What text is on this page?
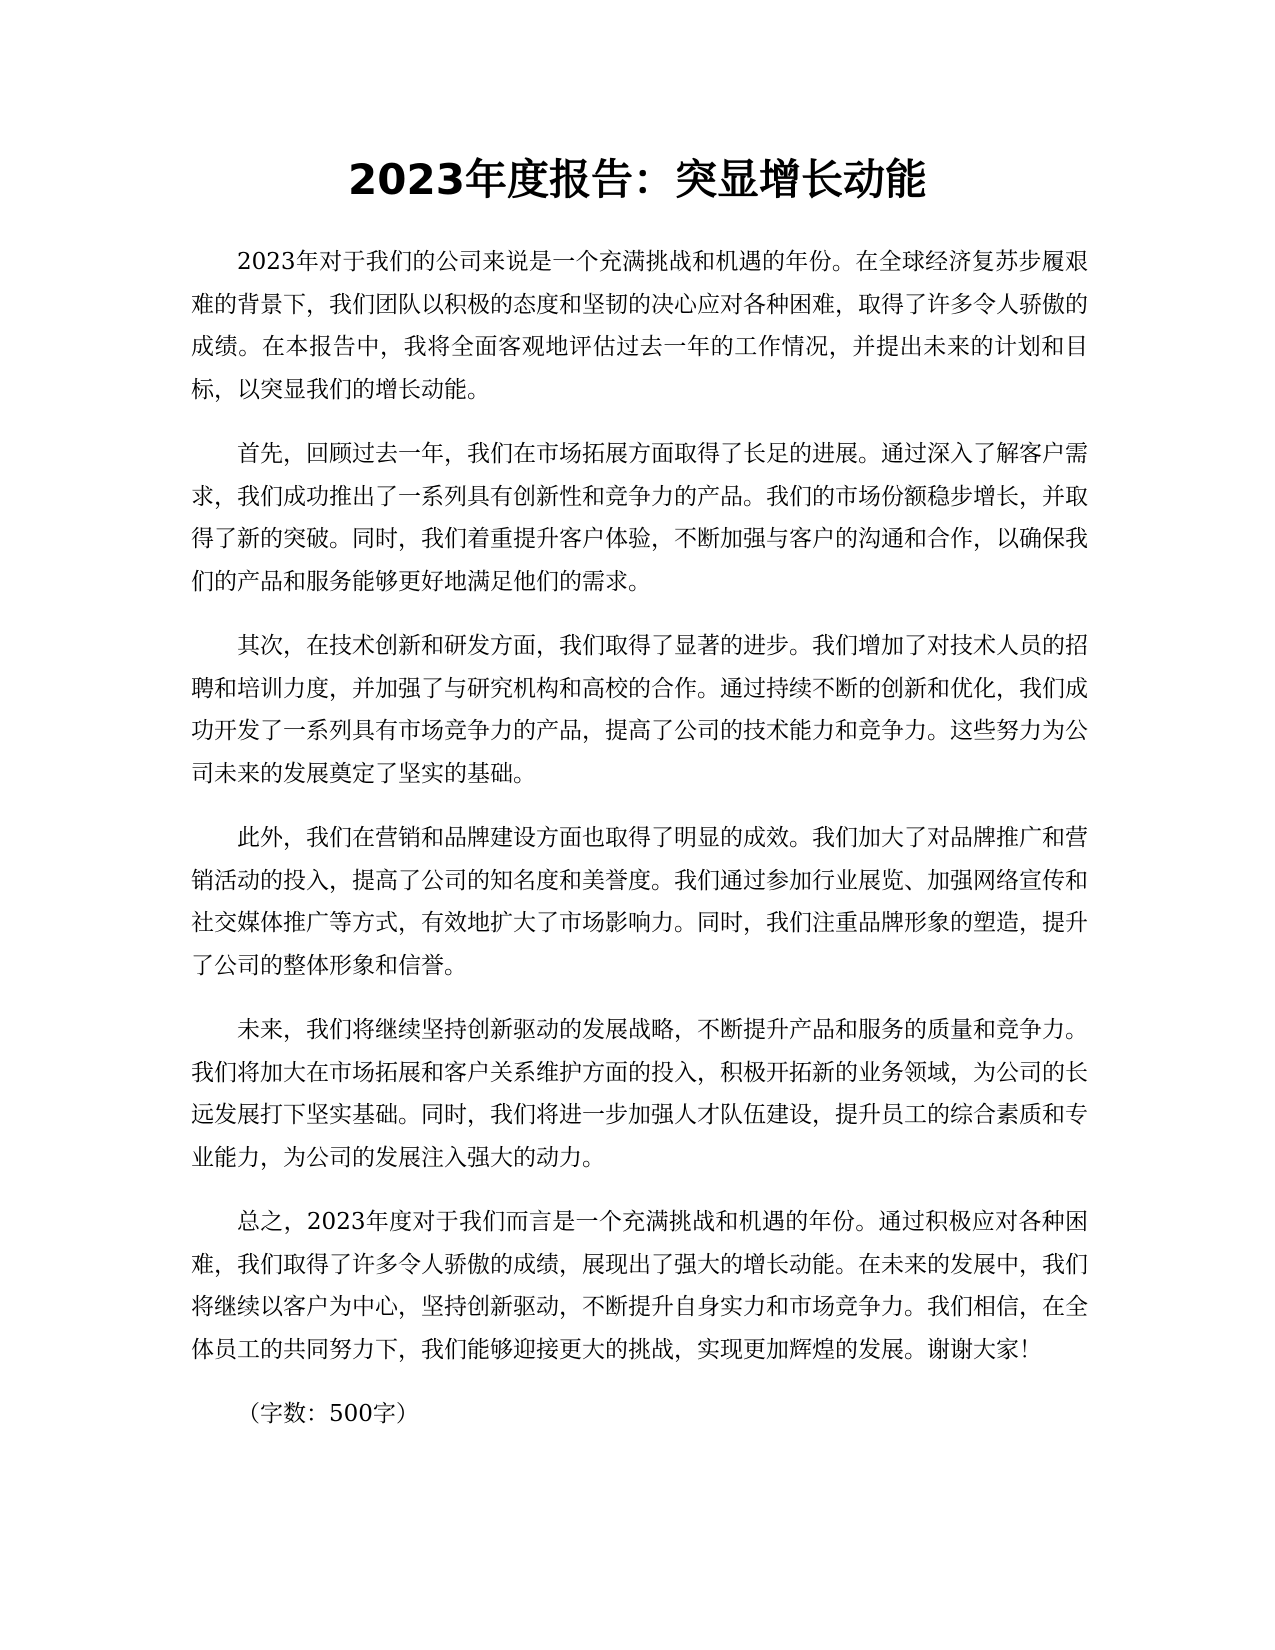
2023年度报告：突显增长动能

2023年对于我们的公司来说是一个充满挑战和机遇的年份。在全球经济复苏步履艰难的背景下，我们团队以积极的态度和坚韧的决心应对各种困难，取得了许多令人骄傲的成绩。在本报告中，我将全面客观地评估过去一年的工作情况，并提出未来的计划和目标，以突显我们的增长动能。

首先，回顾过去一年，我们在市场拓展方面取得了长足的进展。通过深入了解客户需求，我们成功推出了一系列具有创新性和竞争力的产品。我们的市场份额稳步增长，并取得了新的突破。同时，我们着重提升客户体验，不断加强与客户的沟通和合作，以确保我们的产品和服务能够更好地满足他们的需求。

其次，在技术创新和研发方面，我们取得了显著的进步。我们增加了对技术人员的招聘和培训力度，并加强了与研究机构和高校的合作。通过持续不断的创新和优化，我们成功开发了一系列具有市场竞争力的产品，提高了公司的技术能力和竞争力。这些努力为公司未来的发展奠定了坚实的基础。

此外，我们在营销和品牌建设方面也取得了明显的成效。我们加大了对品牌推广和营销活动的投入，提高了公司的知名度和美誉度。我们通过参加行业展览、加强网络宣传和社交媒体推广等方式，有效地扩大了市场影响力。同时，我们注重品牌形象的塑造，提升了公司的整体形象和信誉。

未来，我们将继续坚持创新驱动的发展战略，不断提升产品和服务的质量和竞争力。我们将加大在市场拓展和客户关系维护方面的投入，积极开拓新的业务领域，为公司的长远发展打下坚实基础。同时，我们将进一步加强人才队伍建设，提升员工的综合素质和专业能力，为公司的发展注入强大的动力。

总之，2023年度对于我们而言是一个充满挑战和机遇的年份。通过积极应对各种困难，我们取得了许多令人骄傲的成绩，展现出了强大的增长动能。在未来的发展中，我们将继续以客户为中心，坚持创新驱动，不断提升自身实力和市场竞争力。我们相信，在全体员工的共同努力下，我们能够迎接更大的挑战，实现更加辉煌的发展。谢谢大家！

（字数：500字）
